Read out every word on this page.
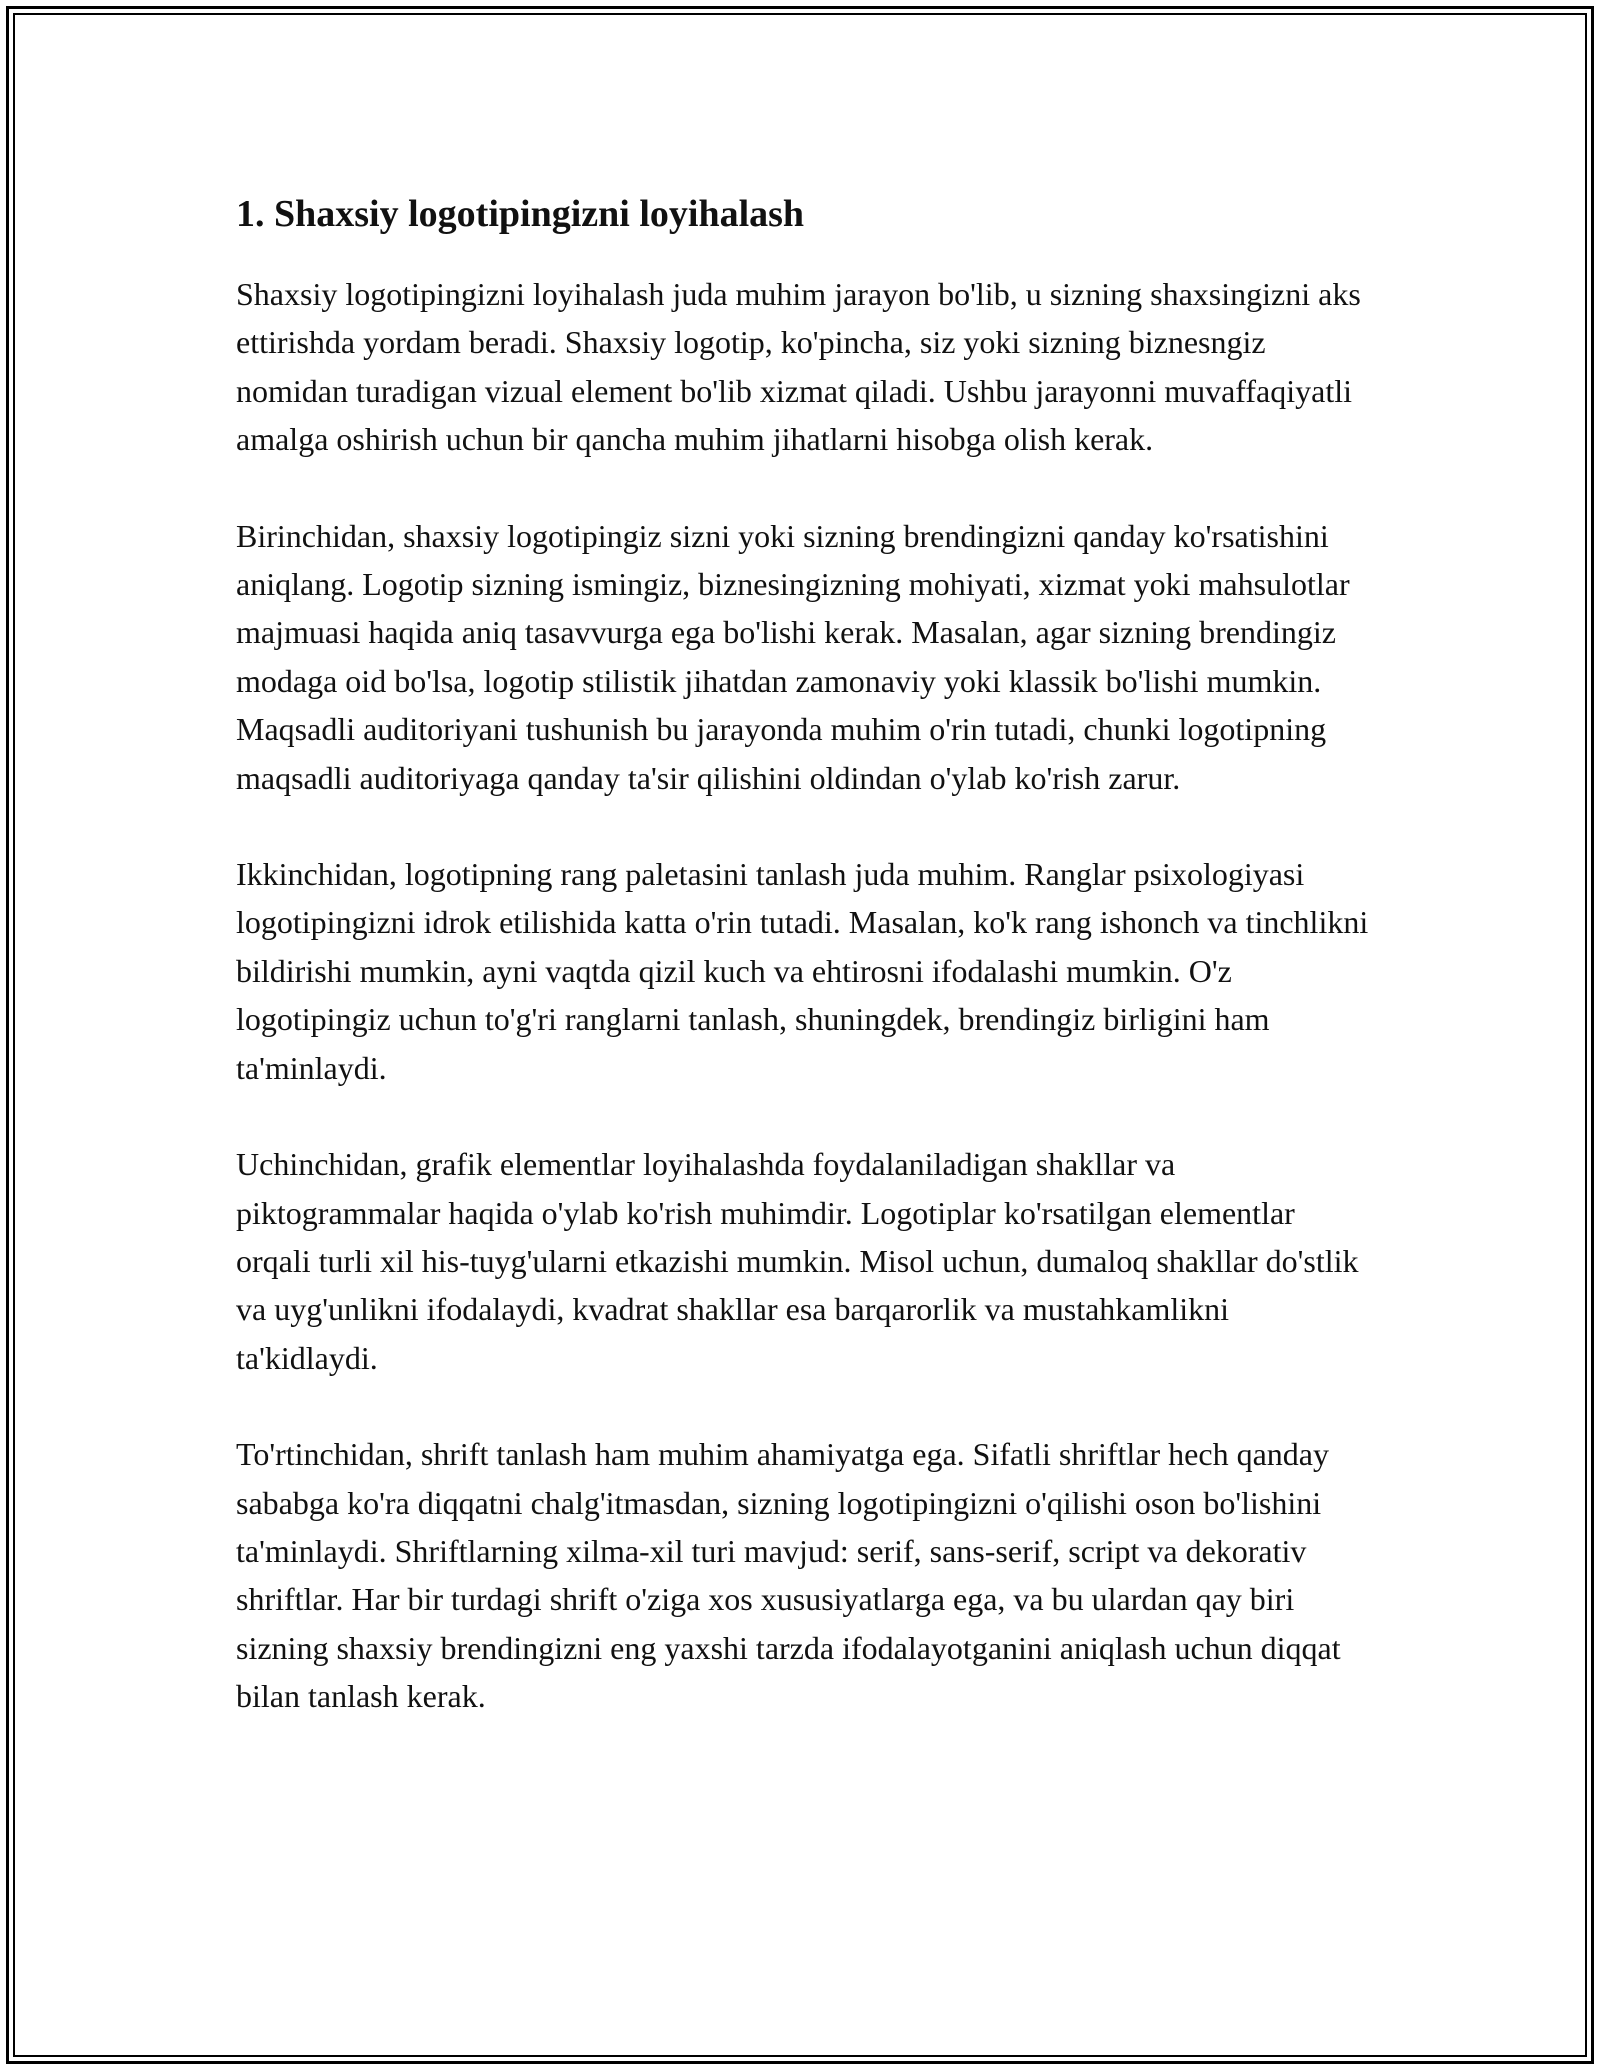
1. Shaxsiy logotipingizni loyihalash

Shaxsiy logotipingizni loyihalash juda muhim jarayon bo'lib, u sizning shaxsingizni aks ettirishda yordam beradi. Shaxsiy logotip, ko'pincha, siz yoki sizning biznesngiz nomidan turadigan vizual element bo'lib xizmat qiladi. Ushbu jarayonni muvaffaqiyatli amalga oshirish uchun bir qancha muhim jihatlarni hisobga olish kerak.

Birinchidan, shaxsiy logotipingiz sizni yoki sizning brendingizni qanday ko'rsatishini aniqlang. Logotip sizning ismingiz, biznesingizning mohiyati, xizmat yoki mahsulotlar majmuasi haqida aniq tasavvurga ega bo'lishi kerak. Masalan, agar sizning brendingiz modaga oid bo'lsa, logotip stilistik jihatdan zamonaviy yoki klassik bo'lishi mumkin. Maqsadli auditoriyani tushunish bu jarayonda muhim o'rin tutadi, chunki logotipning maqsadli auditoriyaga qanday ta'sir qilishini oldindan o'ylab ko'rish zarur.

Ikkinchidan, logotipning rang paletasini tanlash juda muhim. Ranglar psixologiyasi logotipingizni idrok etilishida katta o'rin tutadi. Masalan, ko'k rang ishonch va tinchlikni bildirishi mumkin, ayni vaqtda qizil kuch va ehtirosni ifodalashi mumkin. O'z logotipingiz uchun to'g'ri ranglarni tanlash, shuningdek, brendingiz birligini ham ta'minlaydi.

Uchinchidan, grafik elementlar loyihalashda foydalaniladigan shakllar va piktogrammalar haqida o'ylab ko'rish muhimdir. Logotiplar ko'rsatilgan elementlar orqali turli xil his-tuyg'ularni etkazishi mumkin. Misol uchun, dumaloq shakllar do'stlik va uyg'unlikni ifodalaydi, kvadrat shakllar esa barqarorlik va mustahkamlikni ta'kidlaydi.

To'rtinchidan, shrift tanlash ham muhim ahamiyatga ega. Sifatli shriftlar hech qanday sababga ko'ra diqqatni chalg'itmasdan, sizning logotipingizni o'qilishi oson bo'lishini ta'minlaydi. Shriftlarning xilma-xil turi mavjud: serif, sans-serif, script va dekorativ shriftlar. Har bir turdagi shrift o'ziga xos xususiyatlarga ega, va bu ulardan qay biri sizning shaxsiy brendingizni eng yaxshi tarzda ifodalayotganini aniqlash uchun diqqat bilan tanlash kerak.
